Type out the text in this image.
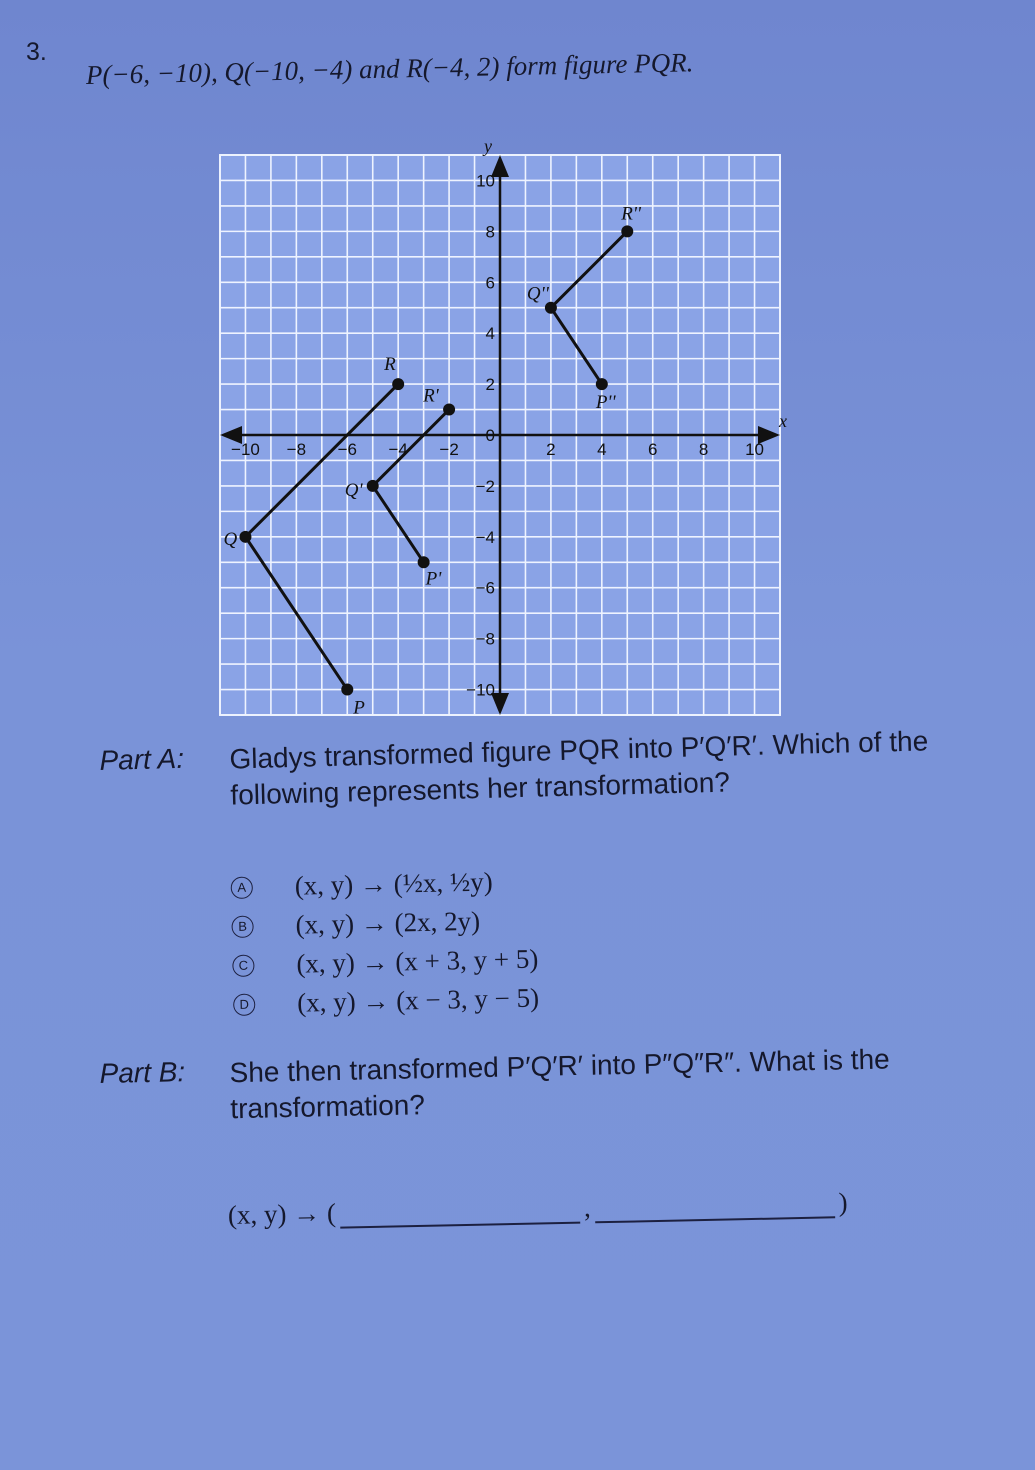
3. P(−6, −10), Q(−10, −4) and R(−4, 2) form figure PQR.
x
y
−10 −8 −6 −4 −2	2 4 6 8 10
10
8
6
4
2
0
−2
−4
−6
−8
−10
P
Q
R
P'
Q'
R'	P''
Q''
R''
Part A: Gladys transformed figure PQR into P′Q′R′. Which of the following represents her transformation?
A (x, y) → (½x, ½y)
B (x, y) → (2x, 2y)
C (x, y) → (x + 3, y + 5)
D (x, y) → (x − 3, y − 5)
Part B: She then transformed P′Q′R′ into P″Q″R″. What is the transformation?
(x, y) → (	,	)
